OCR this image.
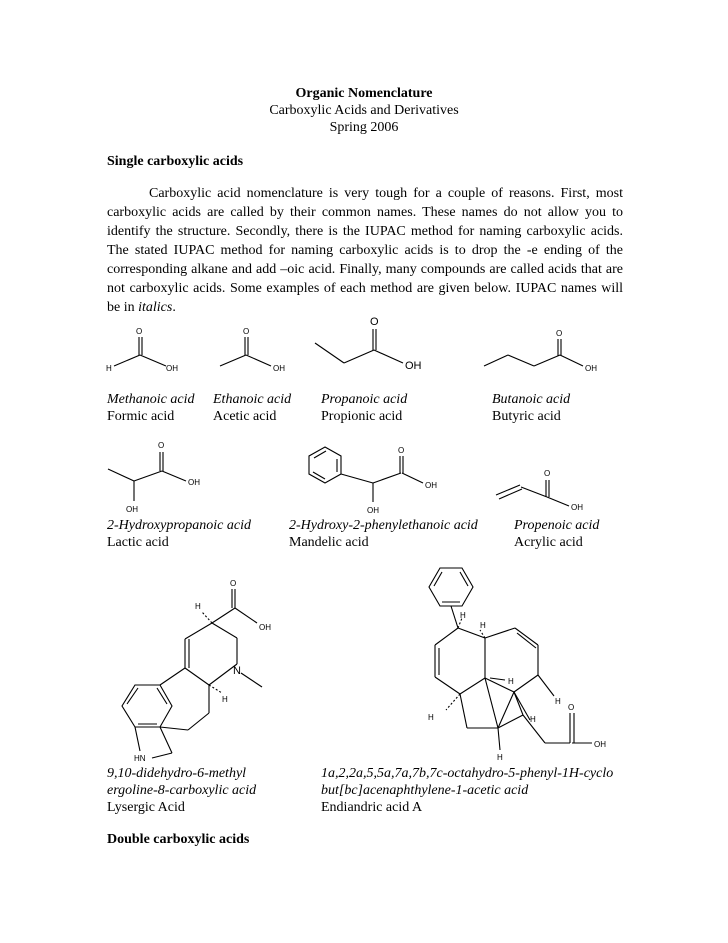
Organic Nomenclature
Carboxylic Acids and Derivatives
Spring 2006
Single carboxylic acids
Carboxylic acid nomenclature is very tough for a couple of reasons. First, most carboxylic acids are called by their common names. These names do not allow you to identify the structure. Secondly, there is the IUPAC method for naming carboxylic acids. The stated IUPAC method for naming carboxylic acids is to drop the -e ending of the corresponding alkane and add –oic acid. Finally, many compounds are called acids that are not carboxylic acids. Some examples of each method are given below. IUPAC names will be in italics.
O
H	OH
O
OH
O
OH
O
OH
Methanoic acid
Formic acid
Ethanoic acid
Acetic acid
Propanoic acid
Propionic acid
Butanoic acid
Butyric acid
O
OH
OH
O
OH
OH
O
OH
2-Hydroxypropanoic acid
Lactic acid
2-Hydroxy-2-phenylethanoic acid
Mandelic acid
Propenoic acid
Acrylic acid
O
OH
H
N
H
HN
H
H
H
H
H	H
H
O
OH
9,10-didehydro-6-methyl
ergoline-8-carboxylic acid
Lysergic Acid
1a,2,2a,5,5a,7a,7b,7c-octahydro-5-phenyl-1H-cyclo
but[bc]acenaphthylene-1-acetic acid
Endiandric acid A
Double carboxylic acids
